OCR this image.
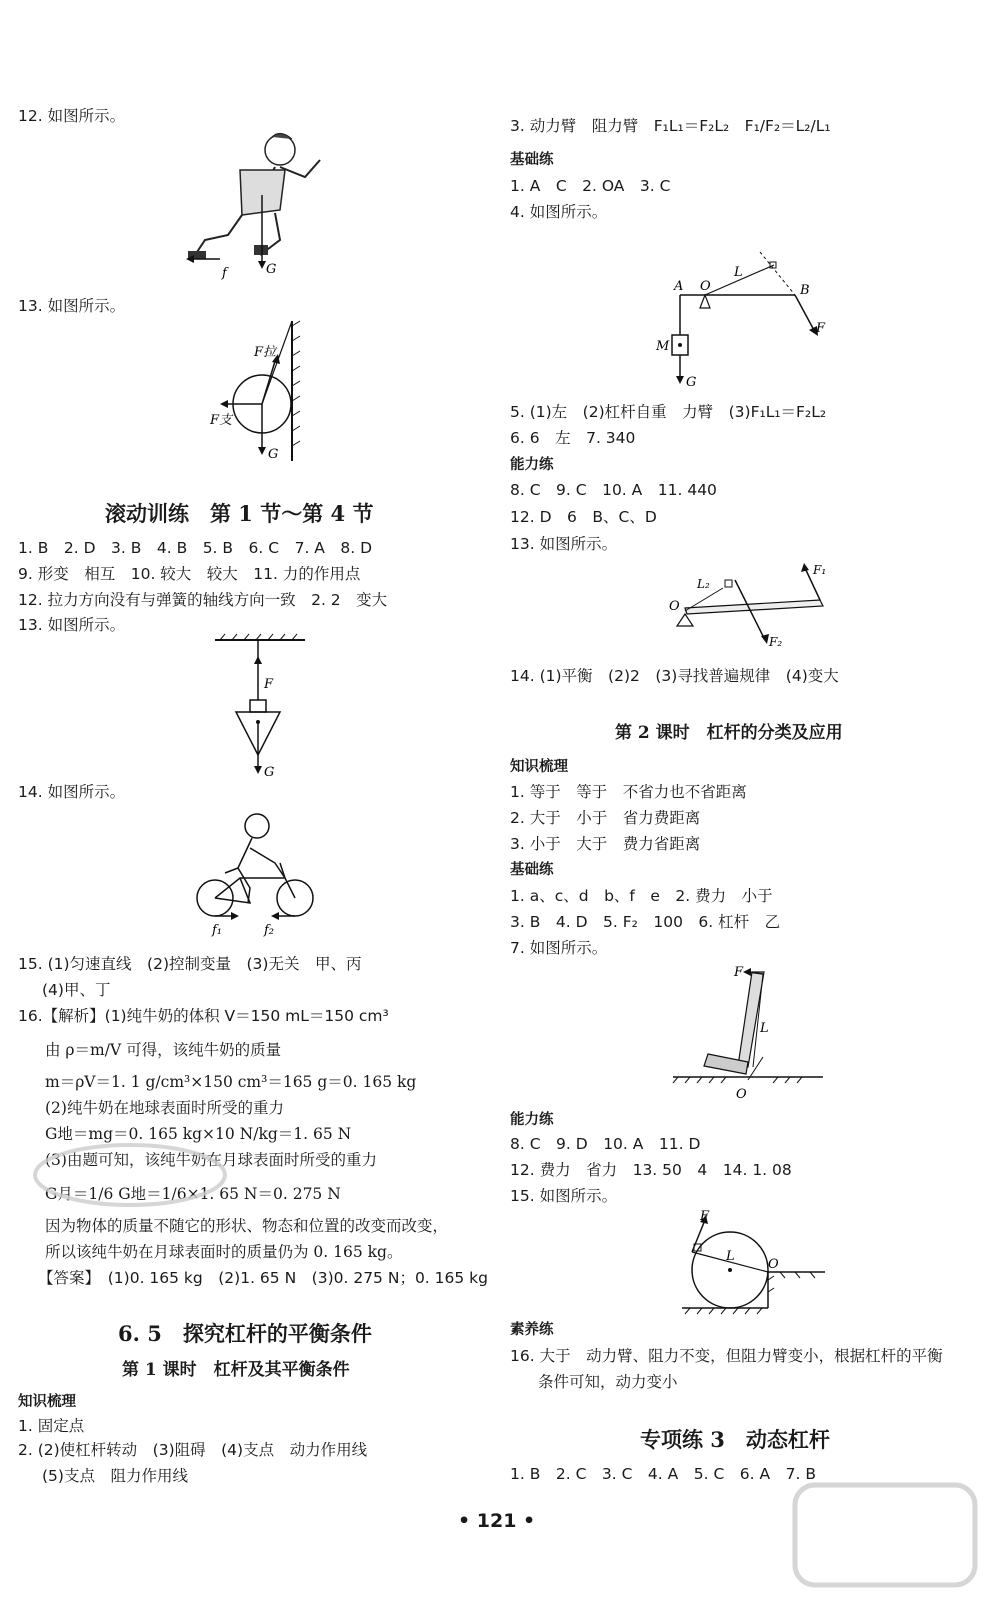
12. 如图所示。
f	G
13. 如图所示。
F拉
F支
G
滚动训练　第 1 节～第 4 节
1. B　2. D　3. B　4. B　5. B　6. C　7. A　8. D
9. 形变　相互　10. 较大　较大　11. 力的作用点
12. 拉力方向没有与弹簧的轴线方向一致　2. 2　变大
13. 如图所示。
F
G
14. 如图所示。
f₁	f₂
15. (1)匀速直线　(2)控制变量　(3)无关　甲、丙
(4)甲、丁
16.【解析】(1)纯牛奶的体积 V＝150 mL＝150 cm³
由 ρ＝m/V 可得，该纯牛奶的质量
m＝ρV＝1. 1 g/cm³×150 cm³＝165 g＝0. 165 kg
(2)纯牛奶在地球表面时所受的重力
G地＝mg＝0. 165 kg×10 N/kg＝1. 65 N
(3)由题可知，该纯牛奶在月球表面时所受的重力
G月＝1/6 G地＝1/6×1. 65 N＝0. 275 N
因为物体的质量不随它的形状、物态和位置的改变而改变，
所以该纯牛奶在月球表面时的质量仍为 0. 165 kg。
【答案】　(1)0. 165 kg　(2)1. 65 N　(3)0. 275 N；0. 165 kg
6. 5　探究杠杆的平衡条件
第 1 课时　杠杆及其平衡条件
知识梳理
1. 固定点
2. (2)使杠杆转动　(3)阻碍　(4)支点　动力作用线
(5)支点　阻力作用线
3. 动力臂　阻力臂　F₁L₁＝F₂L₂　F₁/F₂＝L₂/L₁
基础练
1. A　C　2. OA　3. C
4. 如图所示。
A O	B
L
M
F
G
5. (1)左　(2)杠杆自重　力臂　(3)F₁L₁＝F₂L₂
6. 6　左　7. 340
能力练
8. C　9. C　10. A　11. 440
12. D　6　B、C、D
13. 如图所示。
O
L₂
F₁
F₂
14. (1)平衡　(2)2　(3)寻找普遍规律　(4)变大
第 2 课时　杠杆的分类及应用
知识梳理
1. 等于　等于　不省力也不省距离
2. 大于　小于　省力费距离
3. 小于　大于　费力省距离
基础练
1. a、c、d　b、f　e　2. 费力　小于
3. B　4. D　5. F₂　100　6. 杠杆　乙
7. 如图所示。
F
L
O
能力练
8. C　9. D　10. A　11. D
12. 费力　省力　13. 50　4　14. 1. 08
15. 如图所示。
F
L
O
素养练
16. 大于　动力臂、阻力不变，但阻力臂变小，根据杠杆的平衡
条件可知，动力变小
专项练 3　动态杠杆
1. B　2. C　3. C　4. A　5. C　6. A　7. B
• 121 •
